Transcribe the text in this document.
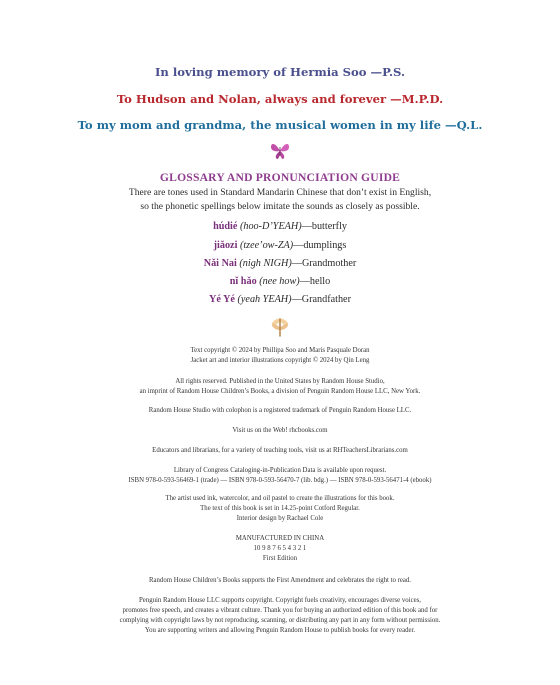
In loving memory of Hermia Soo —P.S.
To Hudson and Nolan, always and forever —M.P.D.
To my mom and grandma, the musical women in my life —Q.L.
GLOSSARY AND PRONUNCIATION GUIDE
There are tones used in Standard Mandarin Chinese that don’t exist in English,
so the phonetic spellings below imitate the sounds as closely as possible.
húdié (hoo-D’YEAH)—butterfly
jiǎozi (tzee’ow-ZA)—dumplings
Nǎi Nai (nigh NIGH)—Grandmother
nǐ hǎo (nee how)—hello
Yé Yé (yeah YEAH)—Grandfather
Text copyright © 2024 by Phillipa Soo and Maris Pasquale Doran
Jacket art and interior illustrations copyright © 2024 by Qin Leng
All rights reserved. Published in the United States by Random House Studio,
an imprint of Random House Children’s Books, a division of Penguin Random House LLC, New York.
Random House Studio with colophon is a registered trademark of Penguin Random House LLC.
Visit us on the Web! rhcbooks.com
Educators and librarians, for a variety of teaching tools, visit us at RHTeachersLibrarians.com
Library of Congress Cataloging-in-Publication Data is available upon request.
ISBN 978-0-593-56469-1 (trade) — ISBN 978-0-593-56470-7 (lib. bdg.) — ISBN 978-0-593-56471-4 (ebook)
The artist used ink, watercolor, and oil pastel to create the illustrations for this book.
The text of this book is set in 14.25-point Cotford Regular.
Interior design by Rachael Cole
MANUFACTURED IN CHINA
10 9 8 7 6 5 4 3 2 1
First Edition
Random House Children’s Books supports the First Amendment and celebrates the right to read.
Penguin Random House LLC supports copyright. Copyright fuels creativity, encourages diverse voices,
promotes free speech, and creates a vibrant culture. Thank you for buying an authorized edition of this book and for
complying with copyright laws by not reproducing, scanning, or distributing any part in any form without permission.
You are supporting writers and allowing Penguin Random House to publish books for every reader.
